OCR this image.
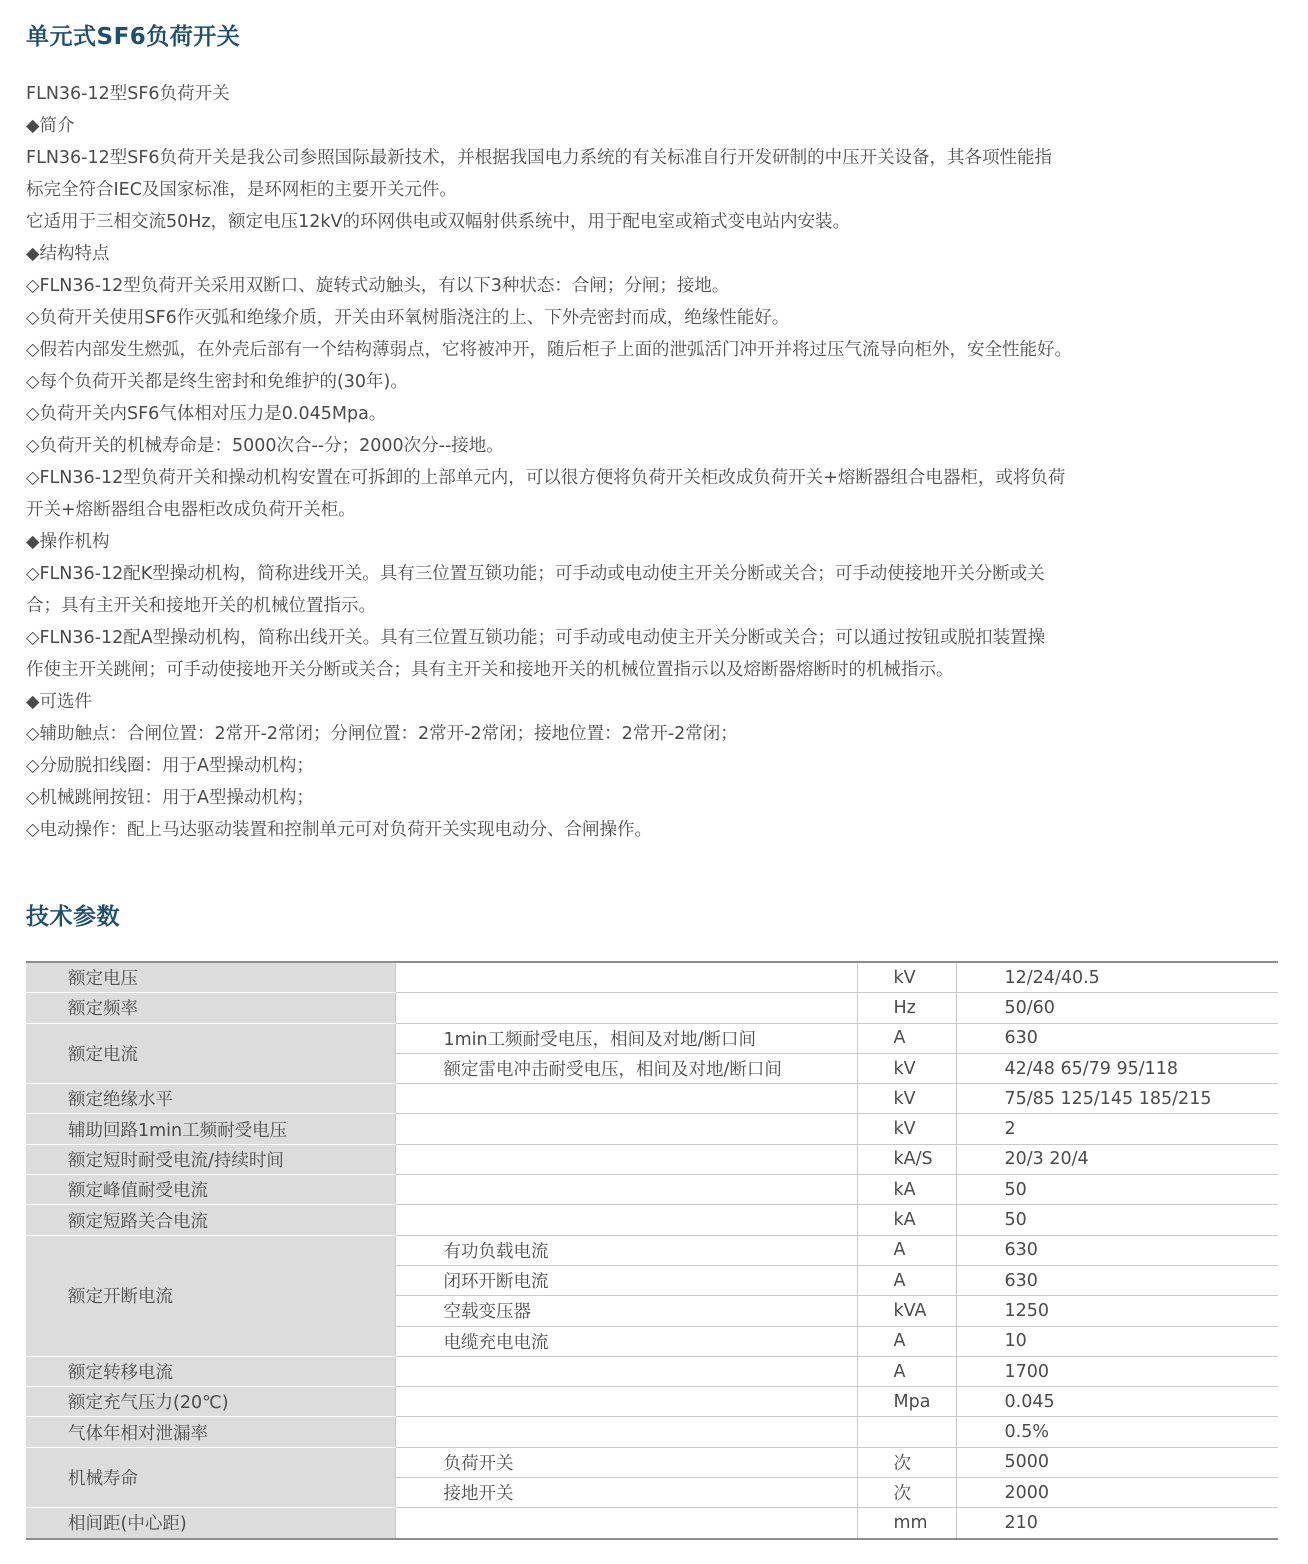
单元式SF6负荷开关
FLN36-12型SF6负荷开关
◆简介
FLN36-12型SF6负荷开关是我公司参照国际最新技术，并根据我国电力系统的有关标准自行开发研制的中压开关设备，其各项性能指
标完全符合IEC及国家标准，是环网柜的主要开关元件。
它适用于三相交流50Hz，额定电压12kV的环网供电或双幅射供系统中，用于配电室或箱式变电站内安装。
◆结构特点
◇FLN36-12型负荷开关采用双断口、旋转式动触头，有以下3种状态：合闸；分闸；接地。
◇负荷开关使用SF6作灭弧和绝缘介质，开关由环氧树脂浇注的上、下外壳密封而成，绝缘性能好。
◇假若内部发生燃弧，在外壳后部有一个结构薄弱点，它将被冲开，随后柜子上面的泄弧活门冲开并将过压气流导向柜外，安全性能好。
◇每个负荷开关都是终生密封和免维护的(30年)。
◇负荷开关内SF6气体相对压力是0.045Mpa。
◇负荷开关的机械寿命是：5000次合--分；2000次分--接地。
◇FLN36-12型负荷开关和操动机构安置在可拆卸的上部单元内，可以很方便将负荷开关柜改成负荷开关+熔断器组合电器柜，或将负荷
开关+熔断器组合电器柜改成负荷开关柜。
◆操作机构
◇FLN36-12配K型操动机构，简称进线开关。具有三位置互锁功能；可手动或电动使主开关分断或关合；可手动使接地开关分断或关
合；具有主开关和接地开关的机械位置指示。
◇FLN36-12配A型操动机构，简称出线开关。具有三位置互锁功能；可手动或电动使主开关分断或关合；可以通过按钮或脱扣装置操
作使主开关跳闸；可手动使接地开关分断或关合；具有主开关和接地开关的机械位置指示以及熔断器熔断时的机械指示。
◆可选件
◇辅助触点：合闸位置：2常开-2常闭；分闸位置：2常开-2常闭；接地位置：2常开-2常闭；
◇分励脱扣线圈：用于A型操动机构；
◇机械跳闸按钮：用于A型操动机构；
◇电动操作：配上马达驱动装置和控制单元可对负荷开关实现电动分、合闸操作。
技术参数
额定电压		kV	12/24/40.5
额定频率		Hz	50/60
额定电流	1min工频耐受电压，相间及对地/断口间	A	630
	额定雷电冲击耐受电压，相间及对地/断口间	kV	42/48 65/79 95/118
额定绝缘水平		kV	75/85 125/145 185/215
辅助回路1min工频耐受电压		kV	2
额定短时耐受电流/持续时间		kA/S	20/3 20/4
额定峰值耐受电流		kA	50
额定短路关合电流		kA	50
额定开断电流	有功负载电流	A	630
	闭环开断电流	A	630
	空载变压器	kVA	1250
	电缆充电电流	A	10
额定转移电流		A	1700
额定充气压力(20℃)		Mpa	0.045
气体年相对泄漏率			0.5%
机械寿命	负荷开关	次	5000
	接地开关	次	2000
相间距(中心距)		mm	210
